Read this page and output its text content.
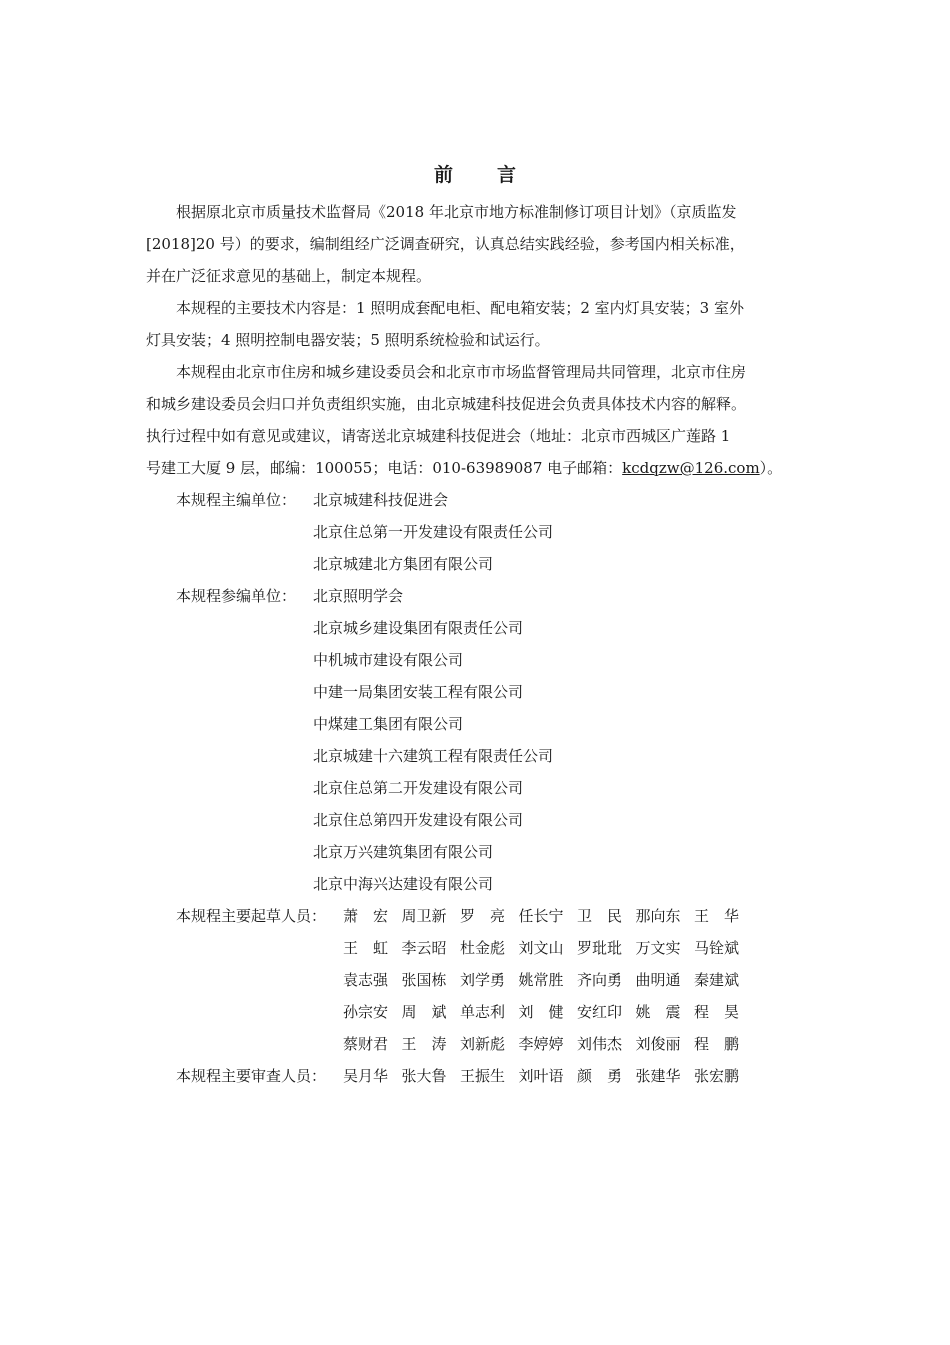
前 言
根据原北京市质量技术监督局《2018 年北京市地方标准制修订项目计划》（京质监发
[2018]20 号）的要求，编制组经广泛调查研究，认真总结实践经验，参考国内相关标准，
并在广泛征求意见的基础上，制定本规程。
本规程的主要技术内容是：1 照明成套配电柜、配电箱安装；2 室内灯具安装；3 室外
灯具安装；4 照明控制电器安装；5 照明系统检验和试运行。
本规程由北京市住房和城乡建设委员会和北京市市场监督管理局共同管理，北京市住房
和城乡建设委员会归口并负责组织实施，由北京城建科技促进会负责具体技术内容的解释。
执行过程中如有意见或建议，请寄送北京城建科技促进会（地址：北京市西城区广莲路 1
号建工大厦 9 层，邮编：100055；电话：010-63989087 电子邮箱：kcdqzw@126.com）。
本规程主编单位：	北京城建科技促进会
北京住总第一开发建设有限责任公司
北京城建北方集团有限公司
本规程参编单位：	北京照明学会
北京城乡建设集团有限责任公司
中机城市建设有限公司
中建一局集团安装工程有限公司
中煤建工集团有限公司
北京城建十六建筑工程有限责任公司
北京住总第二开发建设有限公司
北京住总第四开发建设有限公司
北京万兴建筑集团有限公司
北京中海兴达建设有限公司
本规程主要起草人员：	萧　宏 周卫新 罗　亮 任长宁 卫　民 那向东 王　华
王　虹 李云昭 杜金彪 刘文山 罗玭玭 万文实 马铨斌
袁志强 张国栋 刘学勇 姚常胜 齐向勇 曲明通 秦建斌
孙宗安 周　斌 单志利 刘　健 安红印 姚　震 程　昊
蔡财君 王　涛 刘新彪 李婷婷 刘伟杰 刘俊丽 程　鹏
本规程主要审查人员：	吴月华 张大鲁 王振生 刘叶语 颜　勇 张建华 张宏鹏
